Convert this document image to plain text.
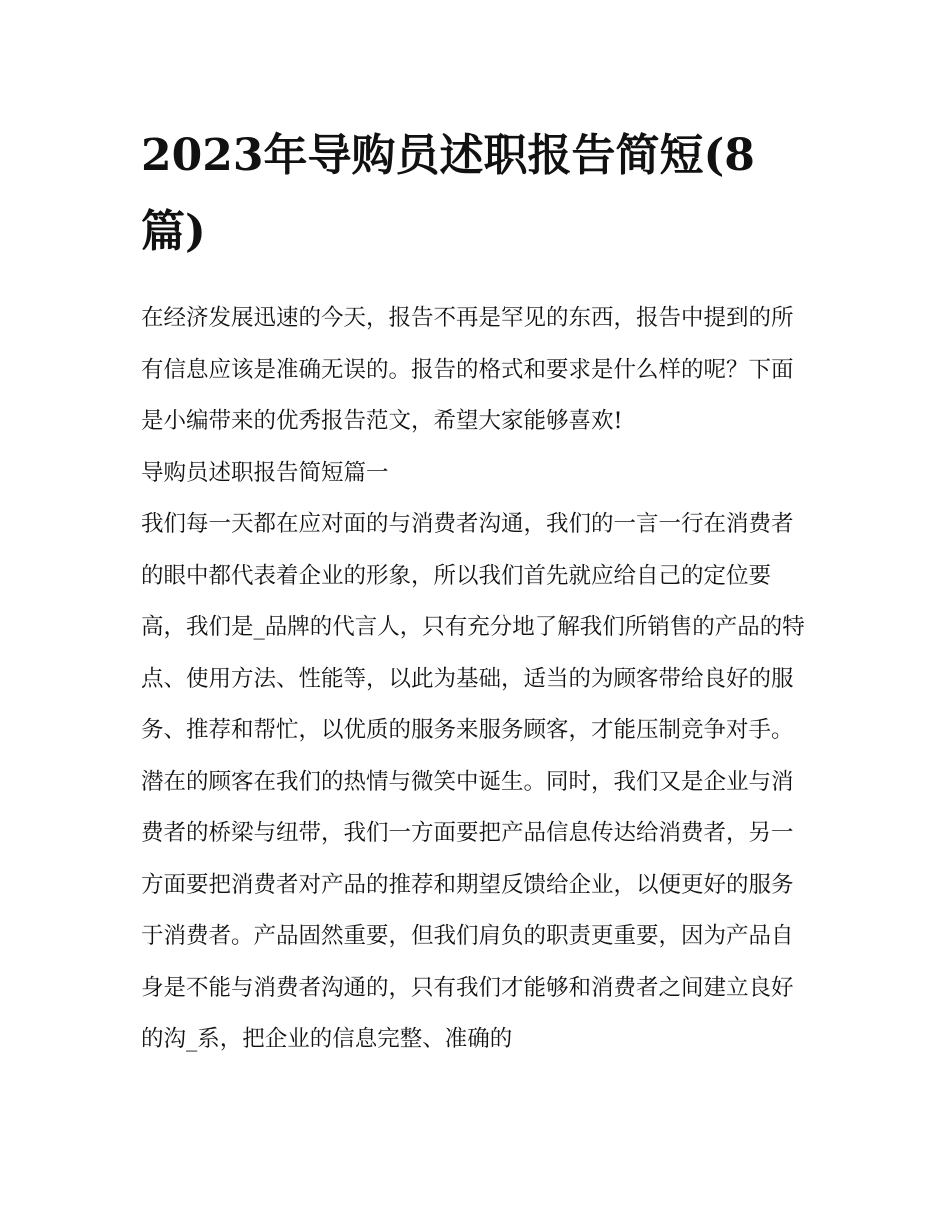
2023年导购员述职报告简短(8篇)

在经济发展迅速的今天，报告不再是罕见的东西，报告中提到的所有信息应该是准确无误的。报告的格式和要求是什么样的呢？下面是小编带来的优秀报告范文，希望大家能够喜欢!

导购员述职报告简短篇一

我们每一天都在应对面的与消费者沟通，我们的一言一行在消费者的眼中都代表着企业的形象，所以我们首先就应给自己的定位要高，我们是_品牌的代言人，只有充分地了解我们所销售的产品的特点、使用方法、性能等，以此为基础，适当的为顾客带给良好的服务、推荐和帮忙，以优质的服务来服务顾客，才能压制竞争对手。

潜在的顾客在我们的热情与微笑中诞生。同时，我们又是企业与消费者的桥梁与纽带，我们一方面要把产品信息传达给消费者，另一方面要把消费者对产品的推荐和期望反馈给企业，以便更好的服务于消费者。产品固然重要，但我们肩负的职责更重要，因为产品自身是不能与消费者沟通的，只有我们才能够和消费者之间建立良好的沟_系，把企业的信息完整、准确的
